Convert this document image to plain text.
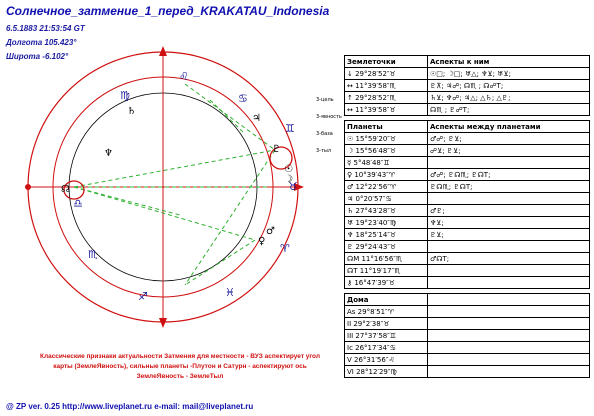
Солнечное_затмение_1_перед_KRAKATAU_Indonesia
6.5.1883 21:53:54 GT
Долгота 105.423°
Широта -6.102°
♌
♍	♋
♊
♎
♉
♏	♈
♐	♓
♄
♆
♃
☊
♇
☉
☽
♀
♂
3-цель
3-явность
3-база
3-тыл
Классические признаки актуальности Затмения для местности - ВУЗ аспектирует угол карты (ЗемлеЯвность), сильные планеты -Плутон и Сатурн - аспектируют ось ЗемлеЯвность - ЗемлеТыл
@ ZP ver. 0.25 http://www.liveplanet.ru e-mail: mail@liveplanet.ru
Землеточки	Аспекты к ним
↓ 29°28′52″♉	☉□; ☽□; ♅△; ♆⊻; ♅⊻;
↔ 11°39′58″♏	♇⊼; ♃☍; ☊♏ ; ☊☍T;
↑ 29°28′52″♏	♄⊻; ♆☍; ♃△; △♄; △♇;
↔ 11°39′58″♉	☊♏ ; ♇☍T;
Планеты	Аспекты между планетами
☉ 15°59′20″♉	♂☍; ♇⊻;
☽ 15°56′48″♉	☍⊻; ♇⊻;
☿ 5°48′48″♊	
♀ 10°39′43″♈	♂☍; ♇☊♏; ♇☊T;
♂ 12°22′56″♈	♇☊♏; ♇☊T;
♃ 0°20′57″♋	
♄ 27°43′28″♉	♂♇;
♅ 19°23′40″♍	♆⊻;
♆ 18°25′14″♉	♇⊻;
♇ 29°24′43″♉	
☊M 11°16′56″♏	♂☊T;
☊T 11°19′17″♏	
⚷ 16°47′39″♉	
Дома	
As 29°8′51″♈	
II 29°2′38″♉	
III 27°37′58″♊	
Ic 26°17′34″♋	
V 26°31′56″♌	
VI 28°12′29″♍	
